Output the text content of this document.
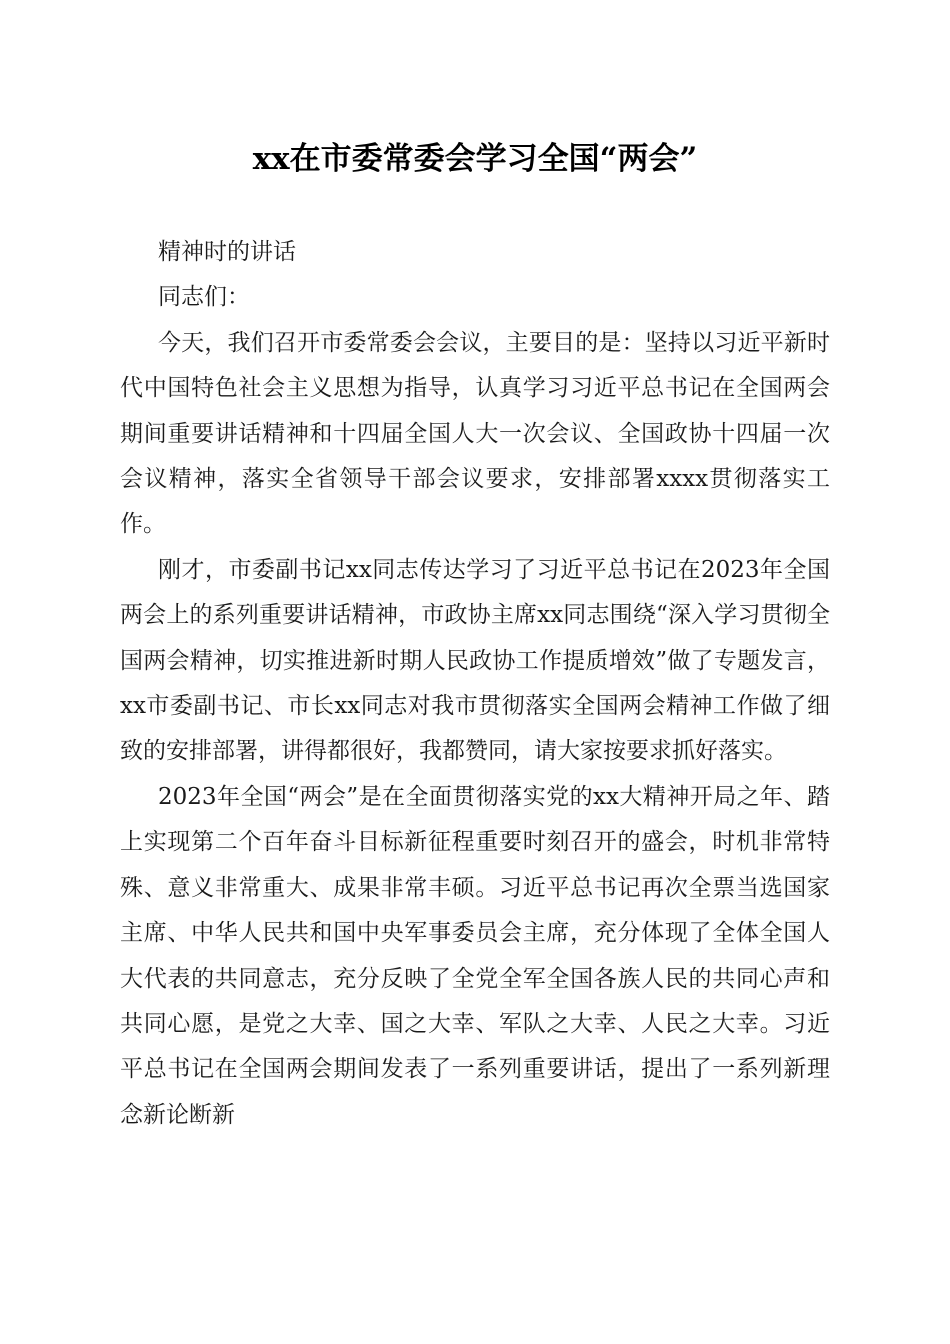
xx在市委常委会学习全国“两会”

精神时的讲话

同志们：

今天，我们召开市委常委会会议，主要目的是：坚持以习近平新时代中国特色社会主义思想为指导，认真学习习近平总书记在全国两会期间重要讲话精神和十四届全国人大一次会议、全国政协十四届一次会议精神，落实全省领导干部会议要求，安排部署xxxx贯彻落实工作。

刚才，市委副书记xx同志传达学习了习近平总书记在2023年全国两会上的系列重要讲话精神，市政协主席xx同志围绕“深入学习贯彻全国两会精神，切实推进新时期人民政协工作提质增效”做了专题发言，xx市委副书记、市长xx同志对我市贯彻落实全国两会精神工作做了细致的安排部署，讲得都很好，我都赞同，请大家按要求抓好落实。

2023年全国“两会”是在全面贯彻落实党的xx大精神开局之年、踏上实现第二个百年奋斗目标新征程重要时刻召开的盛会，时机非常特殊、意义非常重大、成果非常丰硕。习近平总书记再次全票当选国家主席、中华人民共和国中央军事委员会主席，充分体现了全体全国人大代表的共同意志，充分反映了全党全军全国各族人民的共同心声和共同心愿，是党之大幸、国之大幸、军队之大幸、人民之大幸。习近平总书记在全国两会期间发表了一系列重要讲话，提出了一系列新理念新论断新
